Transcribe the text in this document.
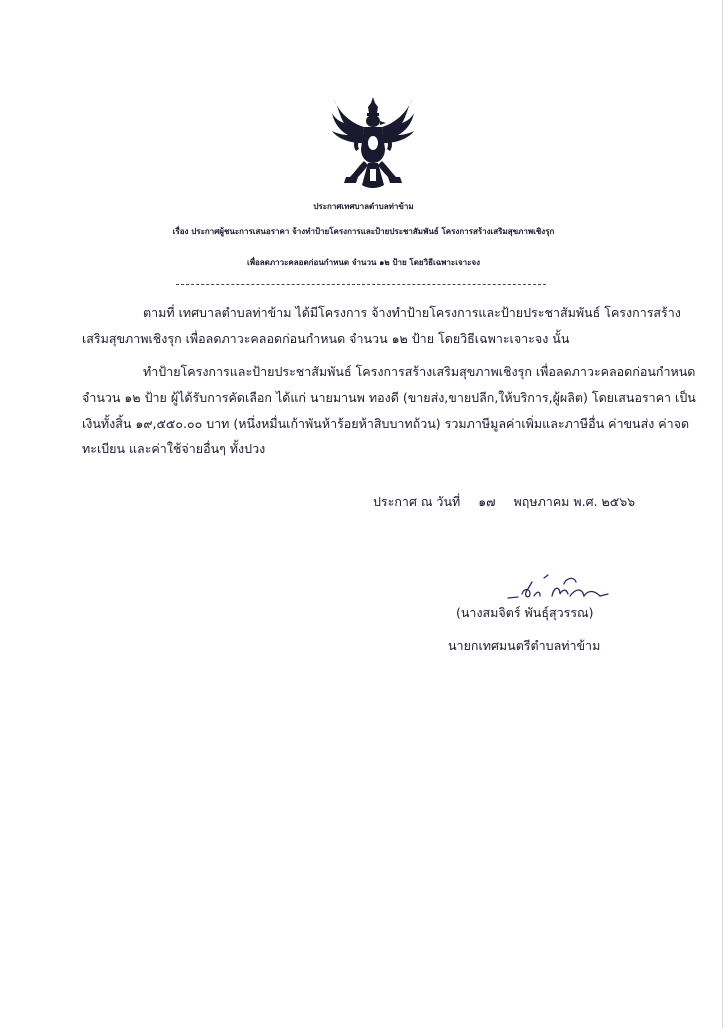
ประกาศเทศบาลตำบลท่าข้าม
เรื่อง ประกาศผู้ชนะการเสนอราคา จ้างทำป้ายโครงการและป้ายประชาสัมพันธ์ โครงการสร้างเสริมสุขภาพเชิงรุก
เพื่อลดภาวะคลอดก่อนกำหนด จำนวน ๑๒ ป้าย โดยวิธีเฉพาะเจาะจง
ตามที่ เทศบาลตำบลท่าข้าม ได้มีโครงการ จ้างทำป้ายโครงการและป้ายประชาสัมพันธ์ โครงการสร้าง
เสริมสุขภาพเชิงรุก เพื่อลดภาวะคลอดก่อนกำหนด จำนวน ๑๒ ป้าย โดยวิธีเฉพาะเจาะจง นั้น
ทำป้ายโครงการและป้ายประชาสัมพันธ์ โครงการสร้างเสริมสุขภาพเชิงรุก เพื่อลดภาวะคลอดก่อนกำหนด
จำนวน ๑๒ ป้าย ผู้ได้รับการคัดเลือก ได้แก่ นายมานพ ทองดี (ขายส่ง,ขายปลีก,ให้บริการ,ผู้ผลิต) โดยเสนอราคา เป็น
เงินทั้งสิ้น ๑๙,๕๕๐.๐๐ บาท (หนึ่งหมื่นเก้าพันห้าร้อยห้าสิบบาทถ้วน) รวมภาษีมูลค่าเพิ่มและภาษีอื่น ค่าขนส่ง ค่าจด
ทะเบียน และค่าใช้จ่ายอื่นๆ ทั้งปวง
ประกาศ ณ วันที่ ๑๗ พฤษภาคม พ.ศ. ๒๕๖๖
(นางสมจิตร์ พันธุ์สุวรรณ)
นายกเทศมนตรีตำบลท่าข้าม
